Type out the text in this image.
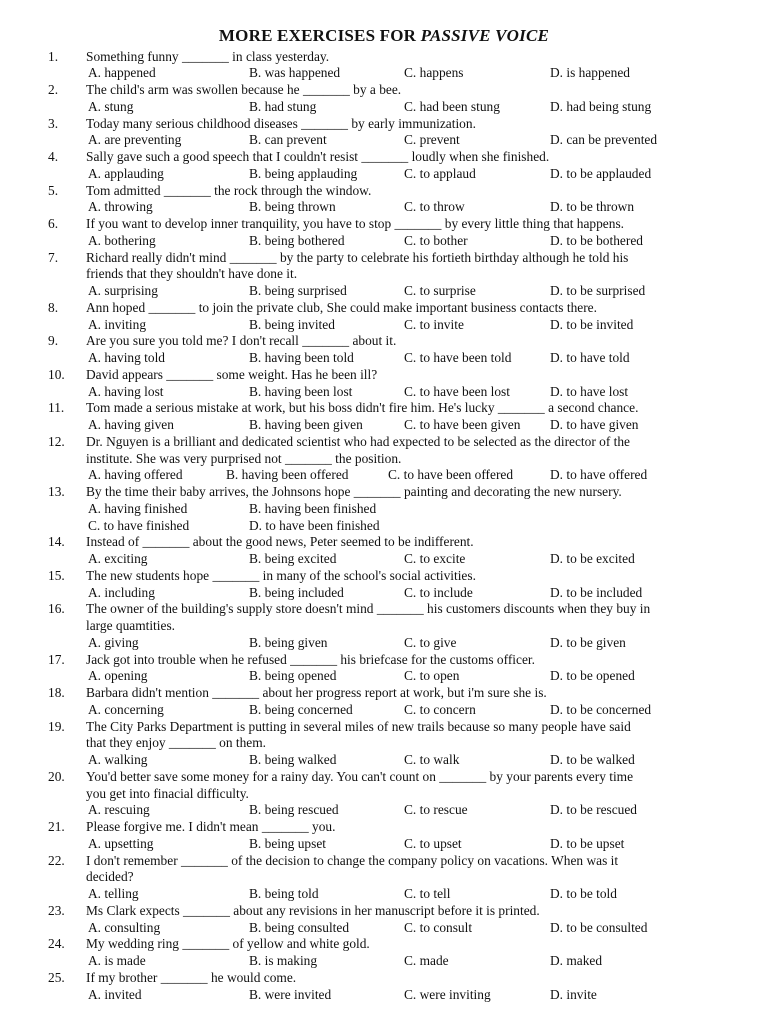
MORE EXERCISES FOR PASSIVE VOICE
1.	Something funny _______ in class yesterday.
A. happened	B. was happened	C. happens	D. is happened
2.	The child's arm was swollen because he _______ by a bee.
A. stung	B. had stung	C. had been stung	D. had being stung
3.	Today many serious childhood diseases _______ by early immunization.
A. are preventing	B. can prevent	C. prevent	D. can be prevented
4.	Sally gave such a good speech that I couldn't resist _______ loudly when she finished.
A. applauding	B. being applauding	C. to applaud	D. to be applauded
5.	Tom admitted _______ the rock through the window.
A. throwing	B. being thrown	C. to throw	D. to be thrown
6.	If you want to develop inner tranquility, you have to stop _______ by every little thing that happens.
A. bothering	B. being bothered	C. to bother	D. to be bothered
7.	Richard really didn't mind _______ by the party to celebrate his fortieth birthday although he told his
friends that they shouldn't have done it.
A. surprising	B. being surprised	C. to surprise	D. to be surprised
8.	Ann hoped _______ to join the private club, She could make important business contacts there.
A. inviting	B. being invited	C. to invite	D. to be invited
9.	Are you sure you told me? I don't recall _______ about it.
A. having told	B. having been told	C. to have been told	D. to have told
10.	David appears _______ some weight. Has he been ill?
A. having lost	B. having been lost	C. to have been lost	D. to have lost
11.	Tom made a serious mistake at work, but his boss didn't fire him. He's lucky _______ a second chance.
A. having given	B. having been given	C. to have been given D. to have given
12.	Dr. Nguyen is a brilliant and dedicated scientist who had expected to be selected as the director of the
institute. She was very purprised not _______ the position.
A. having offered	B. having been offered	C. to have been offered	D. to have offered
13.	By the time their baby arrives, the Johnsons hope _______ painting and decorating the new nursery.
A. having finished	B. having been finished
C. to have finished	D. to have been finished
14.	Instead of _______ about the good news, Peter seemed to be indifferent.
A. exciting	B. being excited	C. to excite	D. to be excited
15.	The new students hope _______ in many of the school's social activities.
A. including	B. being included	C. to include	D. to be included
16.	The owner of the building's supply store doesn't mind _______ his customers discounts when they buy in
large quamtities.
A. giving	B. being given	C. to give	D. to be given
17.	Jack got into trouble when he refused _______ his briefcase for the customs officer.
A. opening	B. being opened	C. to open	D. to be opened
18.	Barbara didn't mention _______ about her progress report at work, but i'm sure she is.
A. concerning	B. being concerned	C. to concern	D. to be concerned
19.	The City Parks Department is putting in several miles of new trails because so many people have said
that they enjoy _______ on them.
A. walking	B. being walked	C. to walk	D. to be walked
20.	You'd better save some money for a rainy day. You can't count on _______ by your parents every time
you get into finacial difficulty.
A. rescuing	B. being rescued	C. to rescue	D. to be rescued
21.	Please forgive me. I didn't mean _______ you.
A. upsetting	B. being upset	C. to upset	D. to be upset
22.	I don't remember _______ of the decision to change the company policy on vacations. When was it
decided?
A. telling	B. being told	C. to tell	D. to be told
23.	Ms Clark expects _______ about any revisions in her manuscript before it is printed.
A. consulting	B. being consulted	C. to consult	D. to be consulted
24.	My wedding ring _______ of yellow and white gold.
A. is made	B. is making	C. made	D. maked
25.	If my brother _______ he would come.
A. invited	B. were invited	C. were inviting	D. invite
